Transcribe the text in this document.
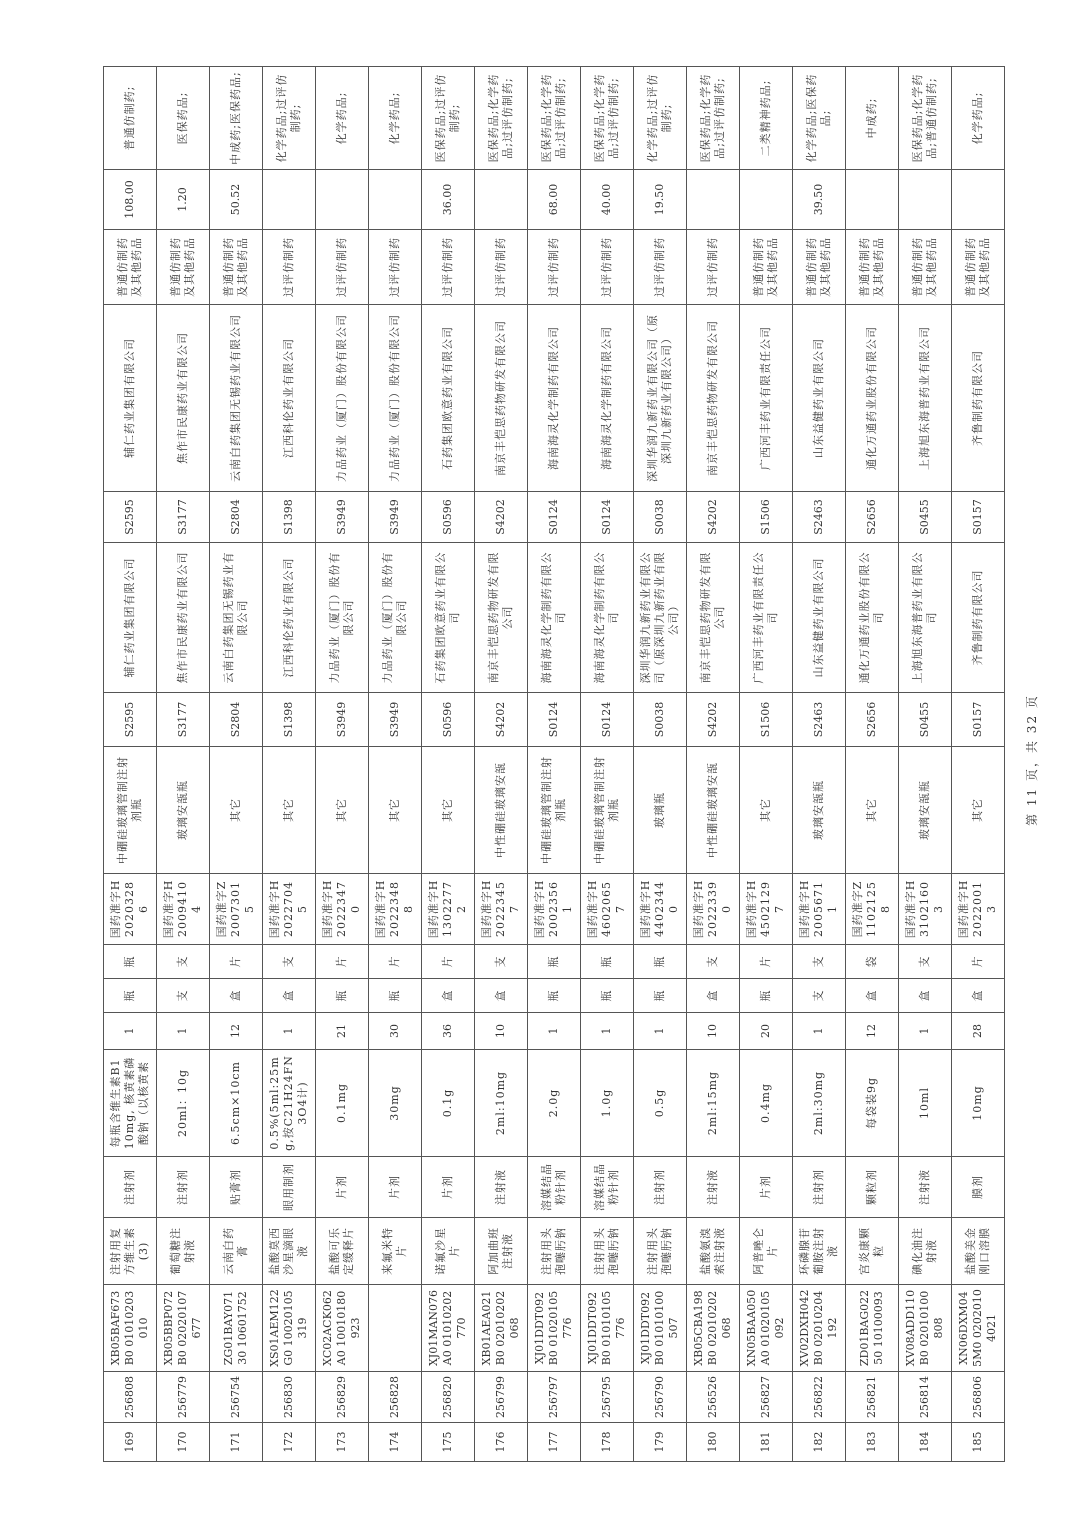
169	256808	XB05BAF673B0 01010203010	注射用复方维生素(3)	注射剂	每瓶含维生素B1 10mg, 核黄素磷酸钠（以核黄素	1	瓶	瓶	国药准字H20203286	中硼硅玻璃管制注射剂瓶	S2595	辅仁药业集团有限公司	S2595	辅仁药业集团有限公司	普通仿制药及其他药品	108.00	普通仿制药;
170	256779	XB05BBP072B0 02020107677	葡萄糖注射液	注射剂	20ml：10g	1	支	支	国药准字H20094104	玻璃安瓿瓶	S3177	焦作市民康药业有限公司	S3177	焦作市民康药业有限公司	普通仿制药及其他药品	1.20	医保药品;
171	256754	ZG01BAY07130 10601752	云南白药膏	贴膏剂	6.5cm×10cm	12	盒	片	国药准字Z20073015	其它	S2804	云南白药集团无锡药业有限公司	S2804	云南白药集团无锡药业有限公司	普通仿制药及其他药品	50.52	中成药;医保药品;
172	256830	XS01AEM122G0 10020105319	盐酸莫西沙星滴眼液	眼用制剂	0.5%(5ml:25mg,按C21H24FN3O4计)	1	盒	支	国药准字H20227045	其它	S1398	江西科伦药业有限公司	S1398	江西科伦药业有限公司	过评仿制药		化学药品;过评仿制药;
173	256829	XC02ACK062A0 10010180923	盐酸可乐定缓释片	片剂	0.1mg	21	瓶	片	国药准字H20223470	其它	S3949	力品药业（厦门）股份有限公司	S3949	力品药业（厦门）股份有限公司	过评仿制药		化学药品;
174	256828		来氟米特片	片剂	30mg	30	瓶	片	国药准字H20223488	其它	S3949	力品药业（厦门）股份有限公司	S3949	力品药业（厦门）股份有限公司	过评仿制药		化学药品;
175	256820	XJ01MAN076A0 01010202770	诺氟沙星片	片剂	0.1g	36	盒	片	国药准字H13022772	其它	S0596	石药集团欧意药业有限公司	S0596	石药集团欧意药业有限公司	过评仿制药	36.00	医保药品;过评仿制药;
176	256799	XB01AEA021B0 02010202068	阿加曲班注射液	注射液	2ml:10mg	10	盒	支	国药准字H20223457	中性硼硅玻璃安瓿	S4202	南京丰恺思药物研发有限公司	S4202	南京丰恺思药物研发有限公司	过评仿制药		医保药品;化学药品;过评仿制药;
177	256797	XJ01DDT092B0 01020105776	注射用头孢噻肟钠	溶媒结晶粉针剂	2.0g	1	瓶	瓶	国药准字H20023561	中硼硅玻璃管制注射剂瓶	S0124	海南海灵化学制药有限公司	S0124	海南海灵化学制药有限公司	过评仿制药	68.00	医保药品;化学药品;过评仿制药;
178	256795	XJ01DDT092B0 01010105776	注射用头孢噻肟钠	溶媒结晶粉针剂	1.0g	1	瓶	瓶	国药准字H46020657	中硼硅玻璃管制注射剂瓶	S0124	海南海灵化学制药有限公司	S0124	海南海灵化学制药有限公司	过评仿制药	40.00	医保药品;化学药品;过评仿制药;
179	256790	XJ01DDT092B0 01010100507	注射用头孢噻肟钠	注射剂	0.5g	1	瓶	瓶	国药准字H44023440	玻璃瓶	S0038	深圳华润九新药业有限公司（原深圳九新药业有限公司）	S0038	深圳华润九新药业有限公司（原深圳九新药业有限公司）	过评仿制药	19.50	化学药品;过评仿制药;
180	256526	XB05CBA198B0 02010202068	盐酸氨溴索注射液	注射液	2ml:15mg	10	盒	支	国药准字H20223390	中性硼硅玻璃安瓿	S4202	南京丰恺思药物研发有限公司	S4202	南京丰恺思药物研发有限公司	过评仿制药		医保药品;化学药品;过评仿制药;
181	256827	XN05BAA050A0 01020105092	阿普唑仑片	片剂	0.4mg	20	瓶	片	国药准字H45021297	其它	S1506	广西河丰药业有限责任公司	S1506	广西河丰药业有限责任公司	普通仿制药及其他药品		二类精神药品;
182	256822	XV02DXH042B0 02010204192	环磷腺苷葡胺注射液	注射剂	2ml:30mg	1	支	支	国药准字H20056711	玻璃安瓿瓶	S2463	山东益健药业有限公司	S2463	山东益健药业有限公司	普通仿制药及其他药品	39.50	化学药品;医保药品;
183	256821	ZD01BAG02250 10100093	宫炎康颗粒	颗粒剂	每袋装9g	12	盒	袋	国药准字Z11021258	其它	S2656	通化万通药业股份有限公司	S2656	通化万通药业股份有限公司	普通仿制药及其他药品		中成药;
184	256814	XV08ADD110B0 02010100808	碘化油注射液	注射液	10ml	1	盒	支	国药准字H31021603	玻璃安瓿瓶	S0455	上海旭东海普药业有限公司	S0455	上海旭东海普药业有限公司	普通仿制药及其他药品		医保药品;化学药品;普通仿制药;
185	256806	XN06DXM045M0 02020104021	盐酸美金刚口溶膜	膜剂	10mg	28	盒	片	国药准字H20220013	其它	S0157	齐鲁制药有限公司	S0157	齐鲁制药有限公司	普通仿制药及其他药品		化学药品;
第 11 页，共 32 页
